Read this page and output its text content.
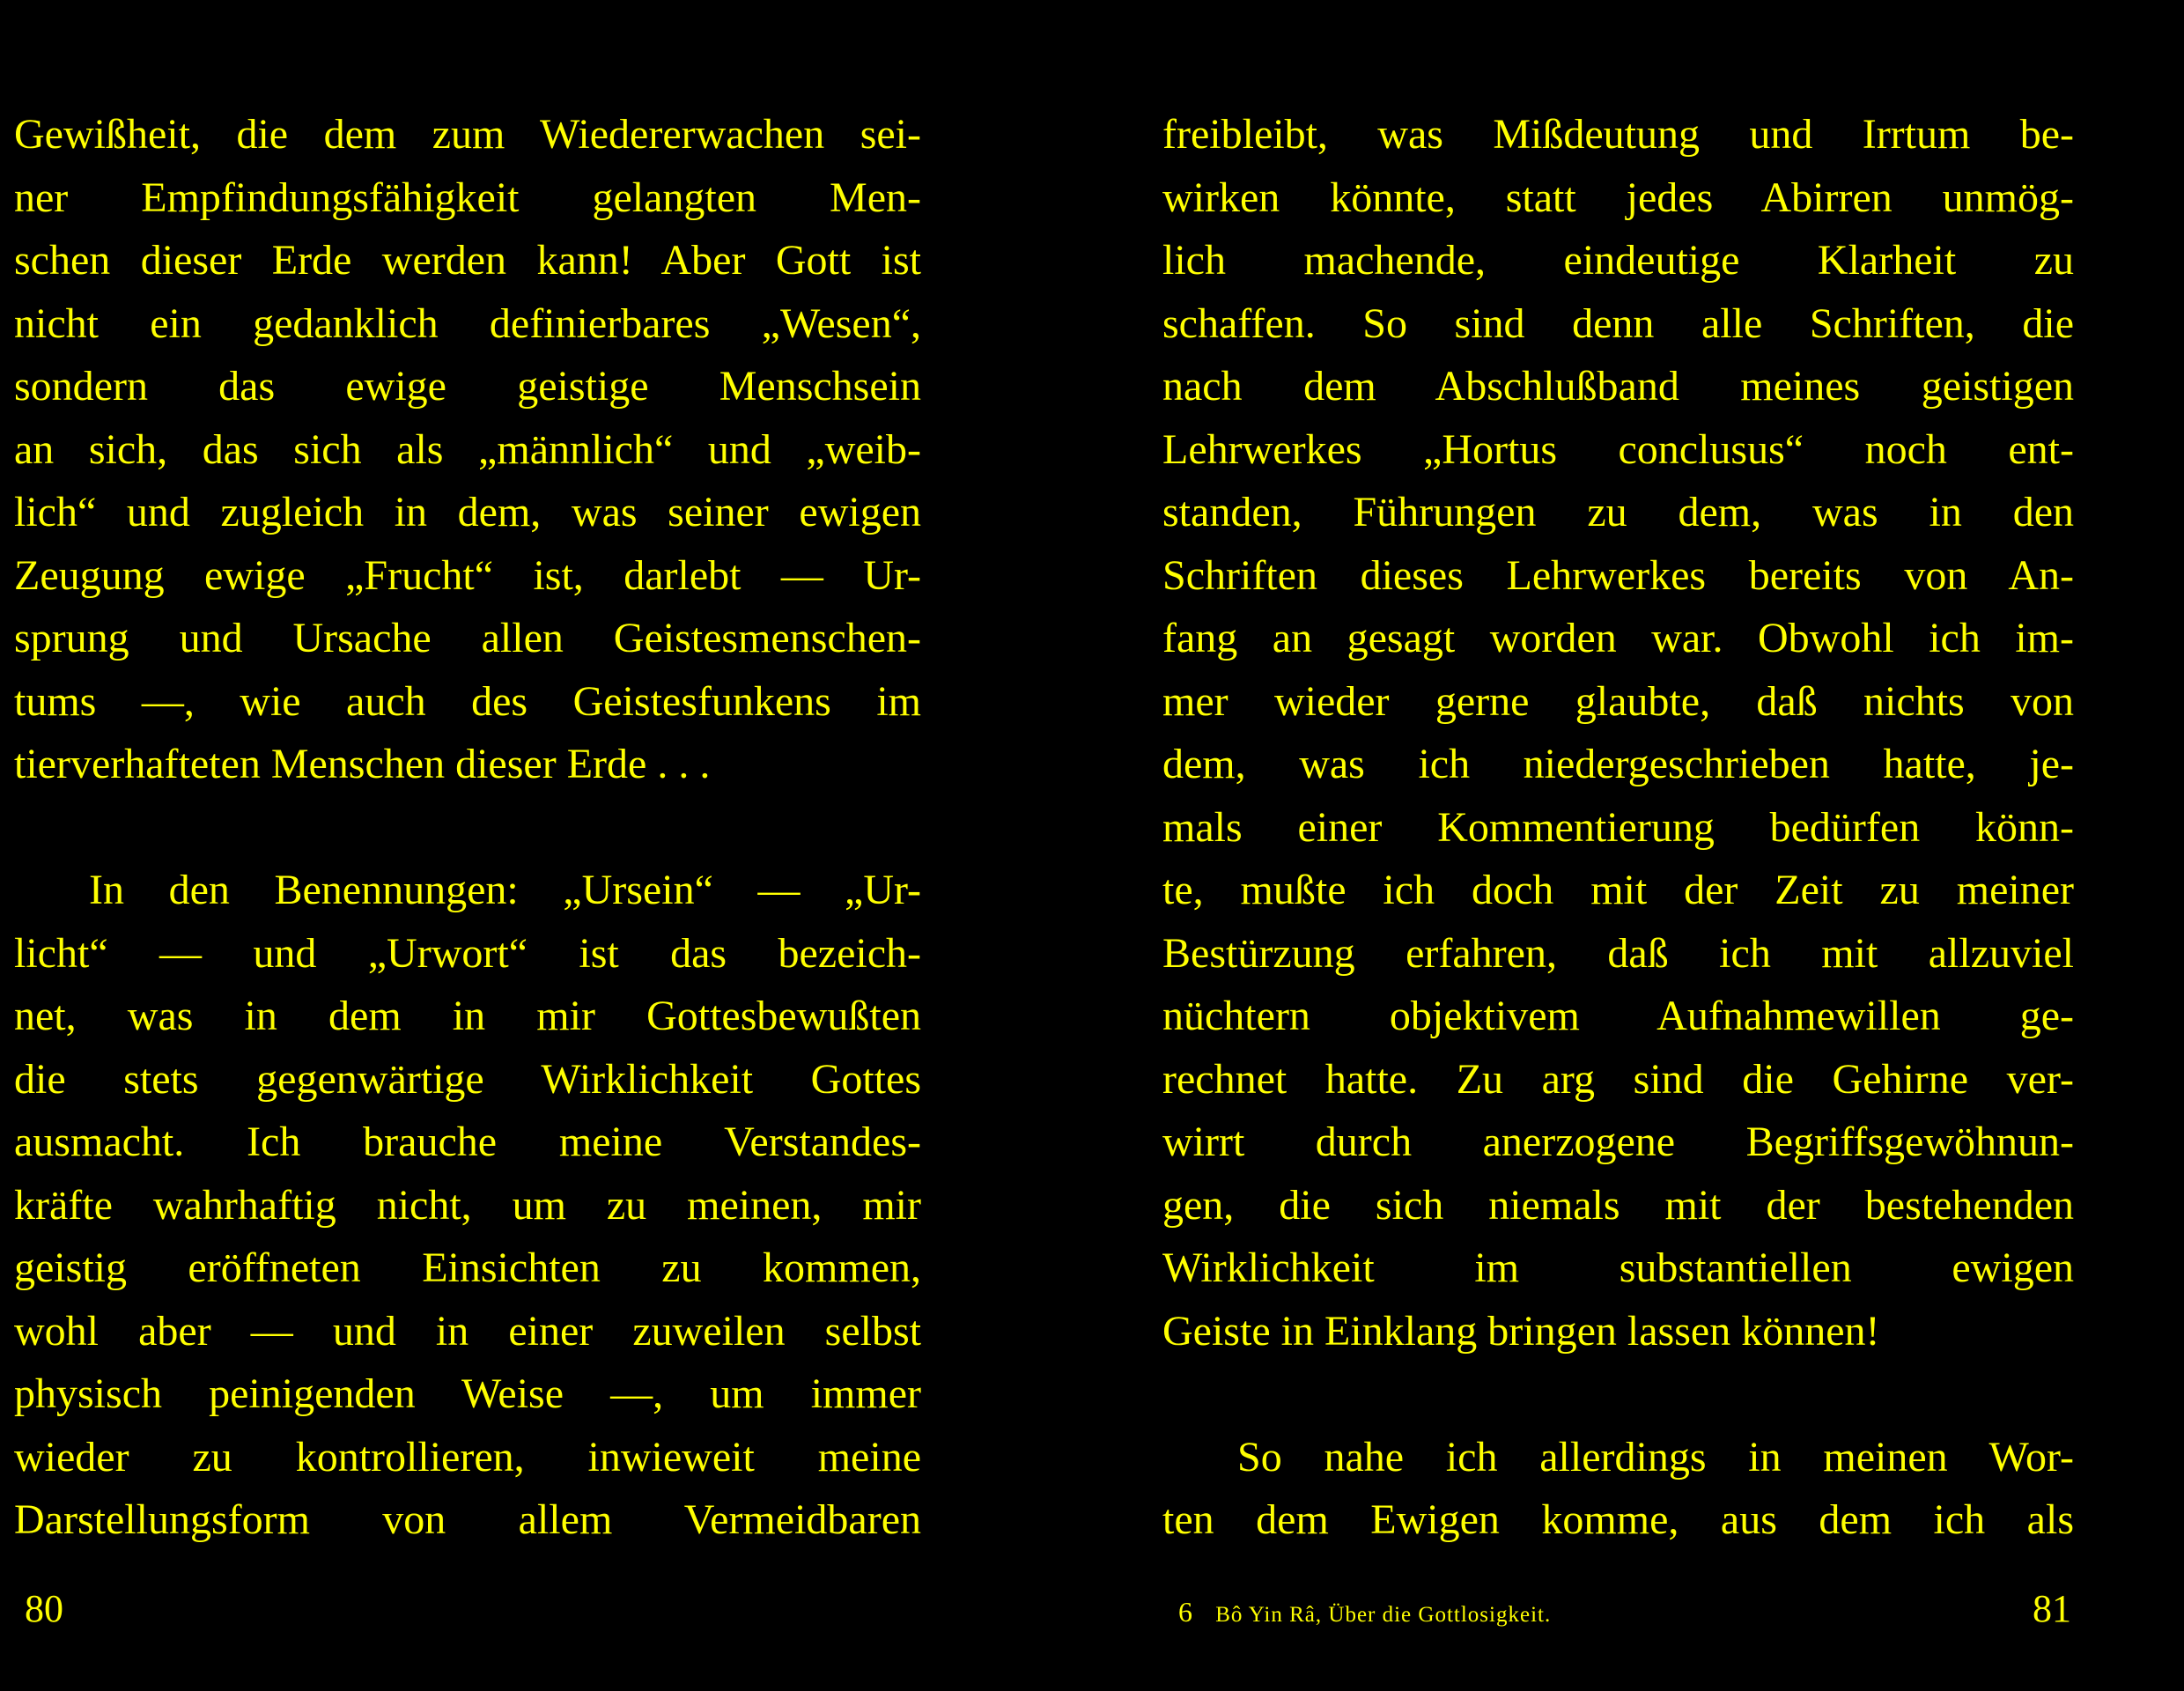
Gewißheit, die dem zum Wiedererwachen sei-
ner Empfindungsfähigkeit gelangten Men-
schen dieser Erde werden kann! Aber Gott ist
nicht ein gedanklich definierbares „Wesen“,
sondern das ewige geistige Menschsein
an sich, das sich als „männlich“ und „weib-
lich“ und zugleich in dem, was seiner ewigen
Zeugung ewige „Frucht“ ist, darlebt — Ur-
sprung und Ursache allen Geistesmenschen-
tums —, wie auch des Geistesfunkens im
tierverhafteten Menschen dieser Erde . . .
In den Benennungen: „Ursein“ — „Ur-
licht“ — und „Urwort“ ist das bezeich-
net, was in dem in mir Gottesbewußten
die stets gegenwärtige Wirklichkeit Gottes
ausmacht. Ich brauche meine Verstandes-
kräfte wahrhaftig nicht, um zu meinen, mir
geistig eröffneten Einsichten zu kommen,
wohl aber — und in einer zuweilen selbst
physisch peinigenden Weise —, um immer
wieder zu kontrollieren, inwieweit meine
Darstellungsform von allem Vermeidbaren
80
freibleibt, was Mißdeutung und Irrtum be-
wirken könnte, statt jedes Abirren unmög-
lich machende, eindeutige Klarheit zu
schaffen. So sind denn alle Schriften, die
nach dem Abschlußband meines geistigen
Lehrwerkes „Hortus conclusus“ noch ent-
standen, Führungen zu dem, was in den
Schriften dieses Lehrwerkes bereits von An-
fang an gesagt worden war. Obwohl ich im-
mer wieder gerne glaubte, daß nichts von
dem, was ich niedergeschrieben hatte, je-
mals einer Kommentierung bedürfen könn-
te, mußte ich doch mit der Zeit zu meiner
Bestürzung erfahren, daß ich mit allzuviel
nüchtern objektivem Aufnahmewillen ge-
rechnet hatte. Zu arg sind die Gehirne ver-
wirrt durch anerzogene Begriffsgewöhnun-
gen, die sich niemals mit der bestehenden
Wirklichkeit im substantiellen ewigen
Geiste in Einklang bringen lassen können!
So nahe ich allerdings in meinen Wor-
ten dem Ewigen komme, aus dem ich als
6 Bô Yin Râ, Über die Gottlosigkeit.	81
